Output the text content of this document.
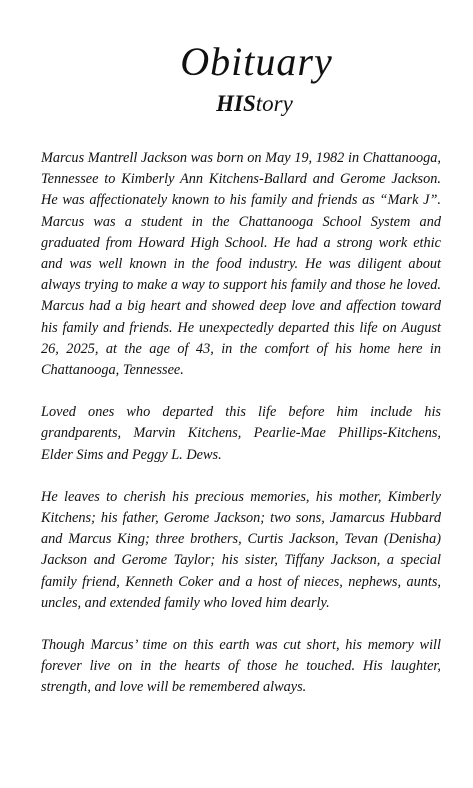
Obituary
HIStory

Marcus Mantrell Jackson was born on May 19, 1982 in Chattanooga, Tennessee to Kimberly Ann Kitchens-Ballard and Gerome Jackson. He was affectionately known to his family and friends as “Mark J”. Marcus was a student in the Chattanooga School System and graduated from Howard High School. He had a strong work ethic and was well known in the food industry. He was diligent about always trying to make a way to support his family and those he loved. Marcus had a big heart and showed deep love and affection toward his family and friends. He unexpectedly departed this life on August 26, 2025, at the age of 43, in the comfort of his home here in Chattanooga, Tennessee.

Loved ones who departed this life before him include his grandparents, Marvin Kitchens, Pearlie-Mae Phillips-Kitchens, Elder Sims and Peggy L. Dews.

He leaves to cherish his precious memories, his mother, Kimberly Kitchens; his father, Gerome Jackson; two sons, Jamarcus Hubbard and Marcus King; three brothers, Curtis Jackson, Tevan (Denisha) Jackson and Gerome Taylor; his sister, Tiffany Jackson, a special family friend, Kenneth Coker and a host of nieces, nephews, aunts, uncles, and extended family who loved him dearly.

Though Marcus’ time on this earth was cut short, his memory will forever live on in the hearts of those he touched. His laughter, strength, and love will be remembered always.
